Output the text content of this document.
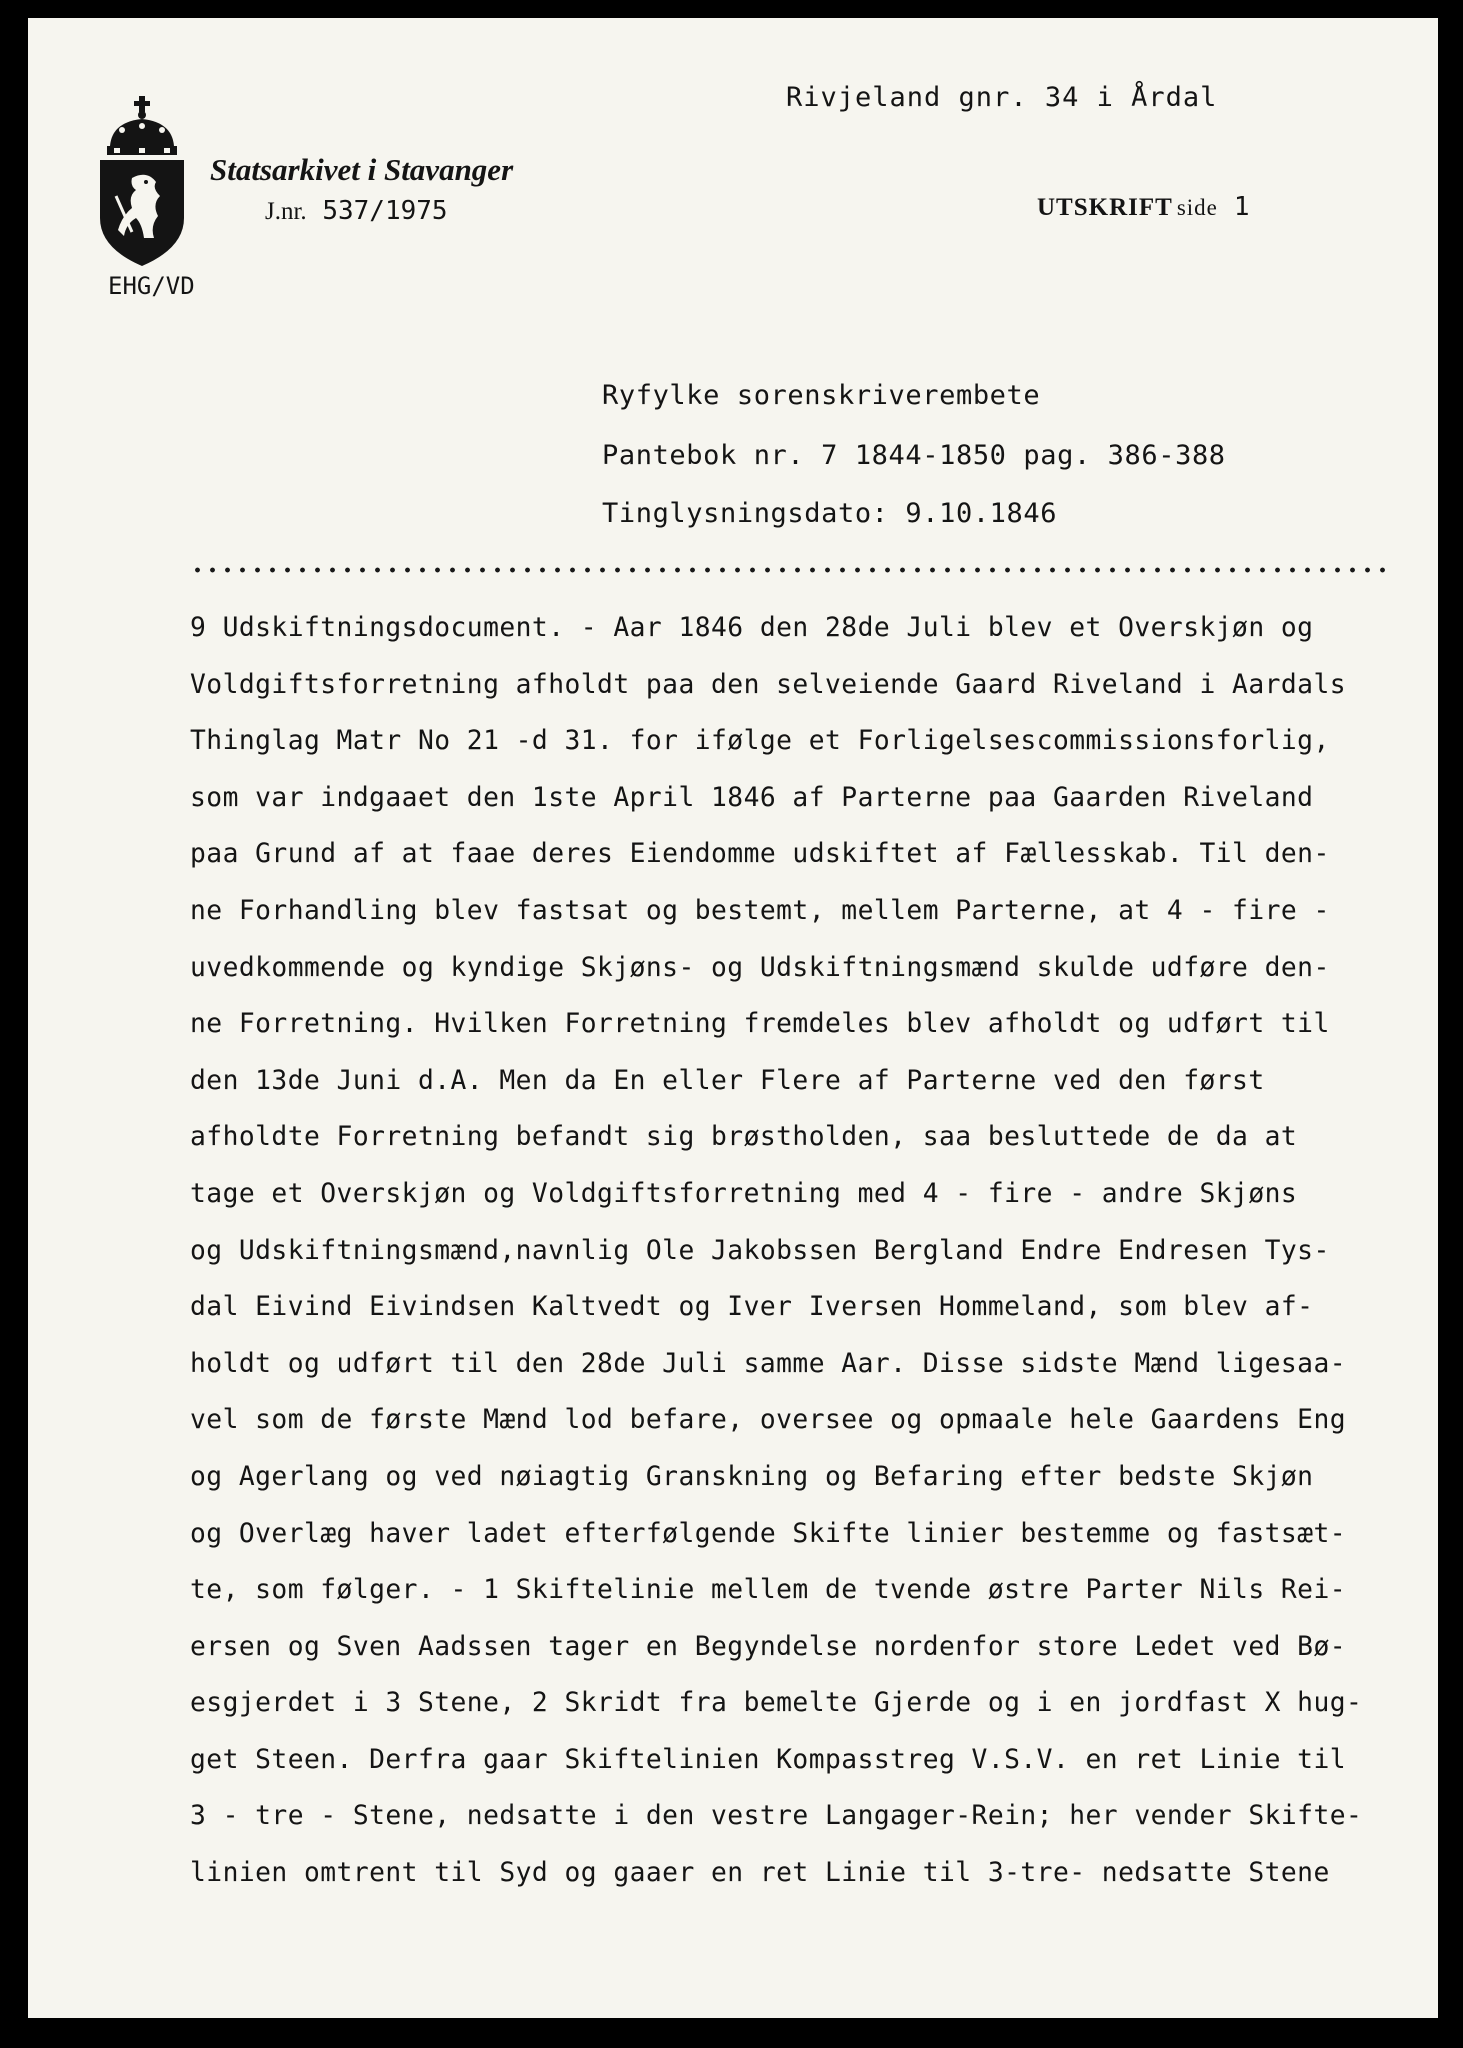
Rivjeland gnr. 34 i Årdal
Statsarkivet i Stavanger
J.nr. 537/1975	UTSKRIFT side 1
EHG/VD
Ryfylke sorenskriverembete
Pantebok nr. 7 1844-1850 pag. 386-388
Tinglysningsdato: 9.10.1846
9 Udskiftningsdocument. - Aar 1846 den 28de Juli blev et Overskjøn og
Voldgiftsforretning afholdt paa den selveiende Gaard Riveland i Aardals
Thinglag Matr No 21 -d 31. for ifølge et Forligelsescommissionsforlig,
som var indgaaet den 1ste April 1846 af Parterne paa Gaarden Riveland
paa Grund af at faae deres Eiendomme udskiftet af Fællesskab. Til den-
ne Forhandling blev fastsat og bestemt, mellem Parterne, at 4 - fire -
uvedkommende og kyndige Skjøns- og Udskiftningsmænd skulde udføre den-
ne Forretning. Hvilken Forretning fremdeles blev afholdt og udført til
den 13de Juni d.A. Men da En eller Flere af Parterne ved den først
afholdte Forretning befandt sig brøstholden, saa besluttede de da at
tage et Overskjøn og Voldgiftsforretning med 4 - fire - andre Skjøns
og Udskiftningsmænd,navnlig Ole Jakobssen Bergland Endre Endresen Tys-
dal Eivind Eivindsen Kaltvedt og Iver Iversen Hommeland, som blev af-
holdt og udført til den 28de Juli samme Aar. Disse sidste Mænd ligesaa-
vel som de første Mænd lod befare, oversee og opmaale hele Gaardens Eng
og Agerlang og ved nøiagtig Granskning og Befaring efter bedste Skjøn
og Overlæg haver ladet efterfølgende Skifte linier bestemme og fastsæt-
te, som følger. - 1 Skiftelinie mellem de tvende østre Parter Nils Rei-
ersen og Sven Aadssen tager en Begyndelse nordenfor store Ledet ved Bø-
esgjerdet i 3 Stene, 2 Skridt fra bemelte Gjerde og i en jordfast X hug-
get Steen. Derfra gaar Skiftelinien Kompasstreg V.S.V. en ret Linie til
3 - tre - Stene, nedsatte i den vestre Langager-Rein; her vender Skifte-
linien omtrent til Syd og gaaer en ret Linie til 3-tre- nedsatte Stene
